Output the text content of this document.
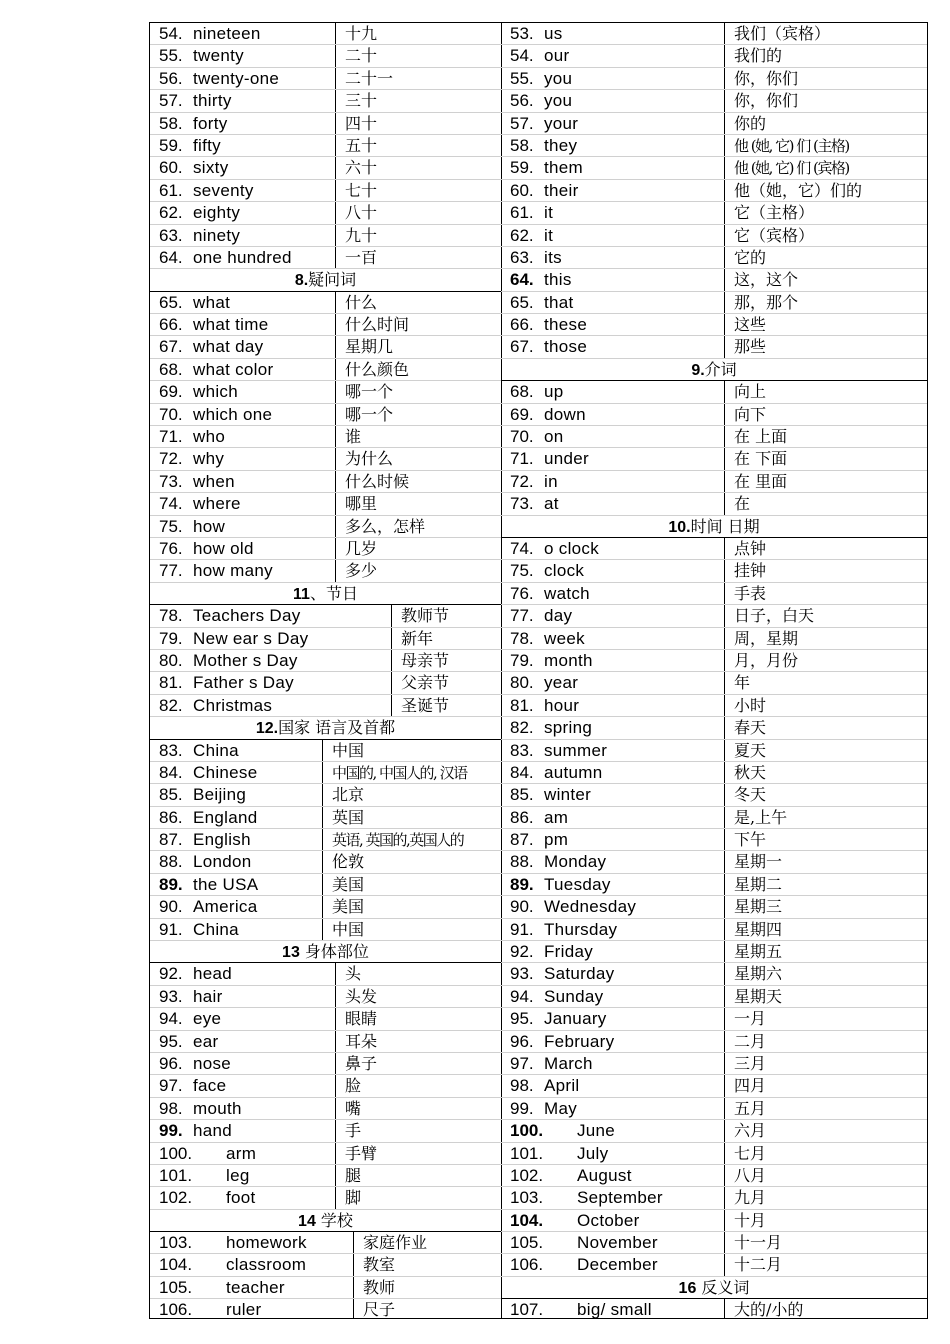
54. nineteen	十九
55. twenty	二十
56. twenty-one	二十一
57. thirty	三十
58. forty	四十
59. fifty	五十
60. sixty	六十
61. seventy	七十
62. eighty	八十
63. ninety	九十
64. one hundred	一百
8.疑问词
65. what	什么
66. what time	什么时间
67. what day	星期几
68. what color	什么颜色
69. which	哪一个
70. which one	哪一个
71. who	谁
72. why	为什么
73. when	什么时候
74. where	哪里
75. how	多么，怎样
76. how old	几岁
77. how many	多少
11、节日
78. Teachers Day	教师节
79. New ear s Day	新年
80. Mother s Day	母亲节
81. Father s Day	父亲节
82. Christmas	圣诞节
12.国家 语言及首都
83. China	中国
84. Chinese	中国的, 中国人的, 汉语
85. Beijing	北京
86. England	英国
87. English	英语, 英国的,英国人的
88. London	伦敦
89. the USA	美国
90. America	美国
91. China	中国
13 身体部位
92. head	头
93. hair	头发
94. eye	眼睛
95. ear	耳朵
96. nose	鼻子
97. face	脸
98. mouth	嘴
99. hand	手
100. arm	手臂
101. leg	腿
102. foot	脚
14 学校
103. homework	家庭作业
104. classroom	教室
105. teacher	教师
106. ruler	尺子
53. us	我们（宾格）
54. our	我们的
55. you	你，你们
56. you	你，你们
57. your	你的
58. they	他 (她, 它) 们 (主格)
59. them	他 (她, 它) 们 (宾格)
60. their	他（她，它）们的
61. it	它（主格）
62. it	它（宾格）
63. its	它的
64. this	这，这个
65. that	那，那个
66. these	这些
67. those	那些
9.介词
68. up	向上
69. down	向下
70. on	在 上面
71. under	在 下面
72. in	在 里面
73. at	在
10.时间 日期
74. o clock	点钟
75. clock	挂钟
76. watch	手表
77. day	日子，白天
78. week	周，星期
79. month	月，月份
80. year	年
81. hour	小时
82. spring	春天
83. summer	夏天
84. autumn	秋天
85. winter	冬天
86. am	是,上午
87. pm	下午
88. Monday	星期一
89. Tuesday	星期二
90. Wednesday	星期三
91. Thursday	星期四
92. Friday	星期五
93. Saturday	星期六
94. Sunday	星期天
95. January	一月
96. February	二月
97. March	三月
98. April	四月
99. May	五月
100. June	六月
101. July	七月
102. August	八月
103. September	九月
104. October	十月
105. November	十一月
106. December	十二月
16 反义词
107. big/ small	大的/小的
